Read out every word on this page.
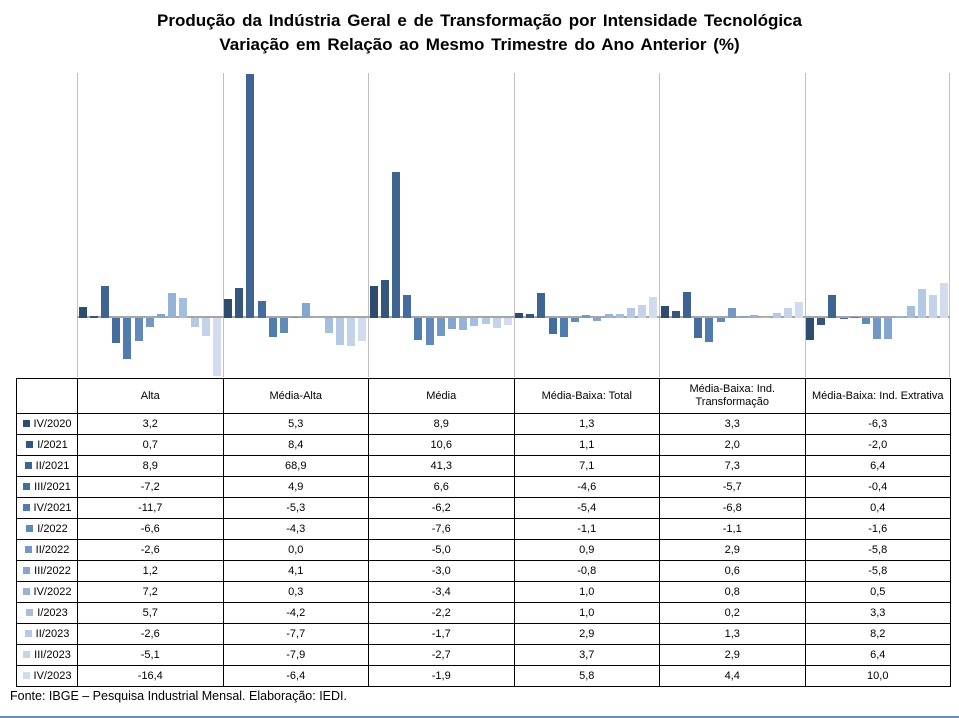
Produção da Indústria Geral e de Transformação por Intensidade Tecnológica
Variação em Relação ao Mesmo Trimestre do Ano Anterior (%)
	Alta	Média-Alta	Média	Média-Baixa: Total	Média-Baixa: Ind. Transformação	Média-Baixa: Ind. Extrativa
IV/2020	3,2	5,3	8,9	1,3	3,3	-6,3
I/2021	0,7	8,4	10,6	1,1	2,0	-2,0
II/2021	8,9	68,9	41,3	7,1	7,3	6,4
III/2021	-7,2	4,9	6,6	-4,6	-5,7	-0,4
IV/2021	-11,7	-5,3	-6,2	-5,4	-6,8	0,4
I/2022	-6,6	-4,3	-7,6	-1,1	-1,1	-1,6
II/2022	-2,6	0,0	-5,0	0,9	2,9	-5,8
III/2022	1,2	4,1	-3,0	-0,8	0,6	-5,8
IV/2022	7,2	0,3	-3,4	1,0	0,8	0,5
I/2023	5,7	-4,2	-2,2	1,0	0,2	3,3
II/2023	-2,6	-7,7	-1,7	2,9	1,3	8,2
III/2023	-5,1	-7,9	-2,7	3,7	2,9	6,4
IV/2023	-16,4	-6,4	-1,9	5,8	4,4	10,0
Fonte: IBGE – Pesquisa Industrial Mensal. Elaboração: IEDI.
